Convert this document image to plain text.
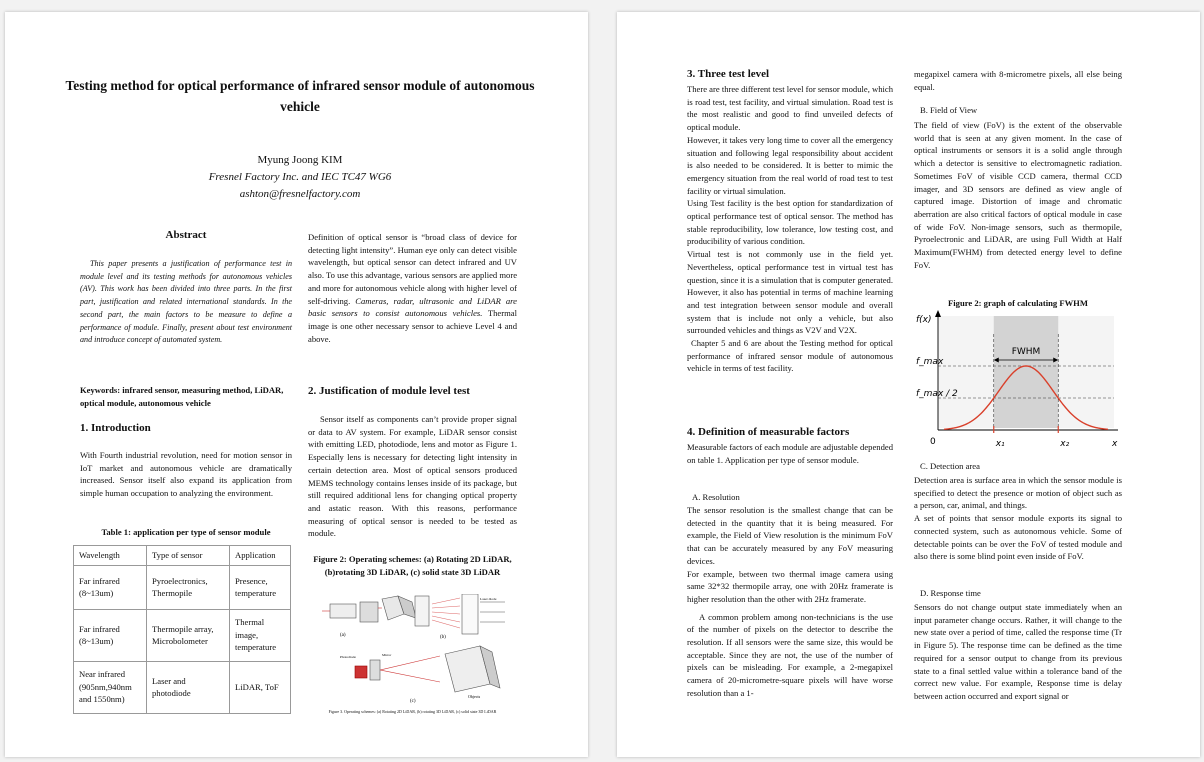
Testing method for optical performance of infrared sensor module of autonomous vehicle
Myung Joong KIM
Fresnel Factory Inc. and IEC TC47 WG6
ashton@fresnelfactory.com
Abstract
This paper presents a justification of performance test in module level and its testing methods for autonomous vehicles (AV). This work has been divided into three parts. In the first part, justification and related international standards. In the second part, the main factors to be measure to define a performance of module. Finally, present about test environment and introduce concept of automated system.
Keywords: infrared sensor, measuring method, LiDAR, optical module, autonomous vehicle
1. Introduction
With Fourth industrial revolution, need for motion sensor in IoT market and autonomous vehicle are dramatically increased. Sensor itself also expand its application from simple human occupation to analyzing the environment.
Table 1: application per type of sensor module
Wavelength	Type of sensor	Application
Far infrared (8~13um)	Pyroelectronics, Thermopile	Presence, temperature
Far infrared (8~13um)	Thermopile array, Microbolometer	Thermal image, temperature
Near infrared (905nm,940nm and 1550nm)	Laser and photodiode	LiDAR, ToF
Definition of optical sensor is “broad class of device for detecting light intensity”. Human eye only can detect visible wavelength, but optical sensor can detect infrared and UV also. To use this advantage, various sensors are applied more and more for autonomous vehicle along with higher level of self-driving. Cameras, radar, ultrasonic and LiDAR are basic sensors to consist autonomous vehicles. Thermal image is one other necessary sensor to achieve Level 4 and above.
2. Justification of module level test
Sensor itself as components can’t provide proper signal or data to AV system. For example, LiDAR sensor consist with emitting LED, photodiode, lens and motor as Figure 1. Especially lens is necessary for detecting light intensity in certain detection area. Most of optical sensors produced MEMS technology contains lenses inside of its package, but still required additional lens for changing optical property and astatic reason. With this reasons, performance measuring of optical sensor is needed to be tested as module.
Figure 2: Operating schemes: (a) Rotating 2D LiDAR, (b)rotating 3D LiDAR, (c) solid state 3D LiDAR
(a)	(b)
(c)
Objects
Laser diode
Photodiode	Mirror
Figure 3. Operating schemes: (a) Rotating 2D LiDAR, (b) rotating 3D LiDAR, (c) solid state 3D LiDAR
3. Three test level
There are three different test level for sensor module, which is road test, test facility, and virtual simulation. Road test is the most realistic and good to find unveiled defects of optical module.
However, it takes very long time to cover all the emergency situation and following legal responsibility about accident is also needed to be considered. It is better to mimic the emergency situation from the real world of road test to test facility or virtual simulation.
Using Test facility is the best option for standardization of optical performance test of optical sensor. The method has stable reproducibility, low tolerance, low testing cost, and producibility of various condition.
Virtual test is not commonly use in the field yet. Nevertheless, optical performance test in virtual test has question, since it is a simulation that is computer generated. However, it also has potential in terms of machine learning and test integration between sensor module and overall system that is include not only a vehicle, but also surrounded vehicles and things as V2V and V2X.
Chapter 5 and 6 are about the Testing method for optical performance of infrared sensor module of autonomous vehicle in terms of test facility.
4. Definition of measurable factors
Measurable factors of each module are adjustable depended on table 1. Application per type of sensor module.
A. Resolution
The sensor resolution is the smallest change that can be detected in the quantity that it is being measured. For example, the Field of View resolution is the minimum FoV that can be accurately measured by any FoV measuring devices.
For example, between two thermal image camera using same 32*32 thermopile array, one with 20Hz framerate is higher resolution than the other with 2Hz framerate.
A common problem among non-technicians is the use of the number of pixels on the detector to describe the resolution. If all sensors were the same size, this would be acceptable. Since they are not, the use of the number of pixels can be misleading. For example, a 2-megapixel camera of 20-micrometre-square pixels will have worse resolution than a 1-
megapixel camera with 8-micrometre pixels, all else being equal.
B. Field of View
The field of view (FoV) is the extent of the observable world that is seen at any given moment. In the case of optical instruments or sensors it is a solid angle through which a detector is sensitive to electromagnetic radiation. Sometimes FoV of visible CCD camera, thermal CCD imager, and 3D sensors are defined as view angle of captured image. Distortion of image and chromatic aberration are also critical factors of optical module in case of wide FoV. Non-image sensors, such as thermopile, Pyroelectronic and LiDAR, are using Full Width at Half Maximum(FWHM) from detected energy level to define FoV.
Figure 2: graph of calculating FWHM
f(x)
x
FWHM
f_max
f_max / 2
0	x₁	x₂
C. Detection area
Detection area is surface area in which the sensor module is specified to detect the presence or motion of object such as a person, car, animal, and things.
A set of points that sensor module exports its signal to connected system, such as autonomous vehicle. Some of detectable points can be over the FoV of tested module and also there is some blind point even inside of FoV.
D. Response time
Sensors do not change output state immediately when an input parameter change occurs. Rather, it will change to the new state over a period of time, called the response time (Tr in Figure 5). The response time can be defined as the time required for a sensor output to change from its previous state to a final settled value within a tolerance band of the correct new value. For example, Response time is delay between action occurred and export signal or
